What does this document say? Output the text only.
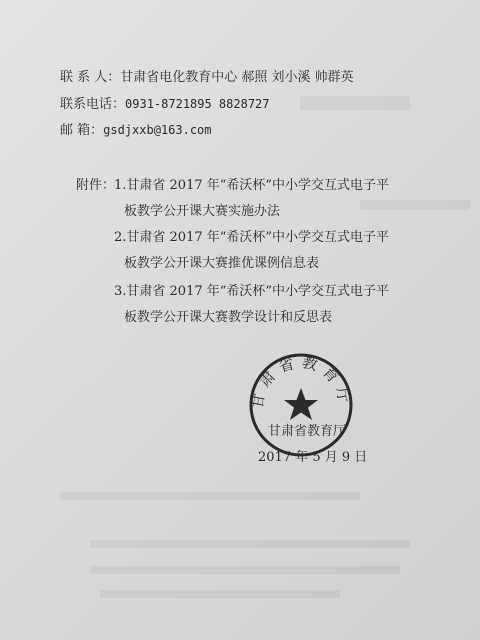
联 系 人：甘肃省电化教育中心 郝照 刘小溪 帅群英
联系电话：0931-8721895 8828727
邮 箱：gsdjxxb@163.com
附件：
1.甘肃省 2017 年“希沃杯”中小学交互式电子平
板教学公开课大赛实施办法
2.甘肃省 2017 年“希沃杯”中小学交互式电子平
板教学公开课大赛推优课例信息表
3.甘肃省 2017 年“希沃杯”中小学交互式电子平
板教学公开课大赛教学设计和反思表
甘肃省教育厅
甘肃省教育厅
2017 年 5 月 9 日
